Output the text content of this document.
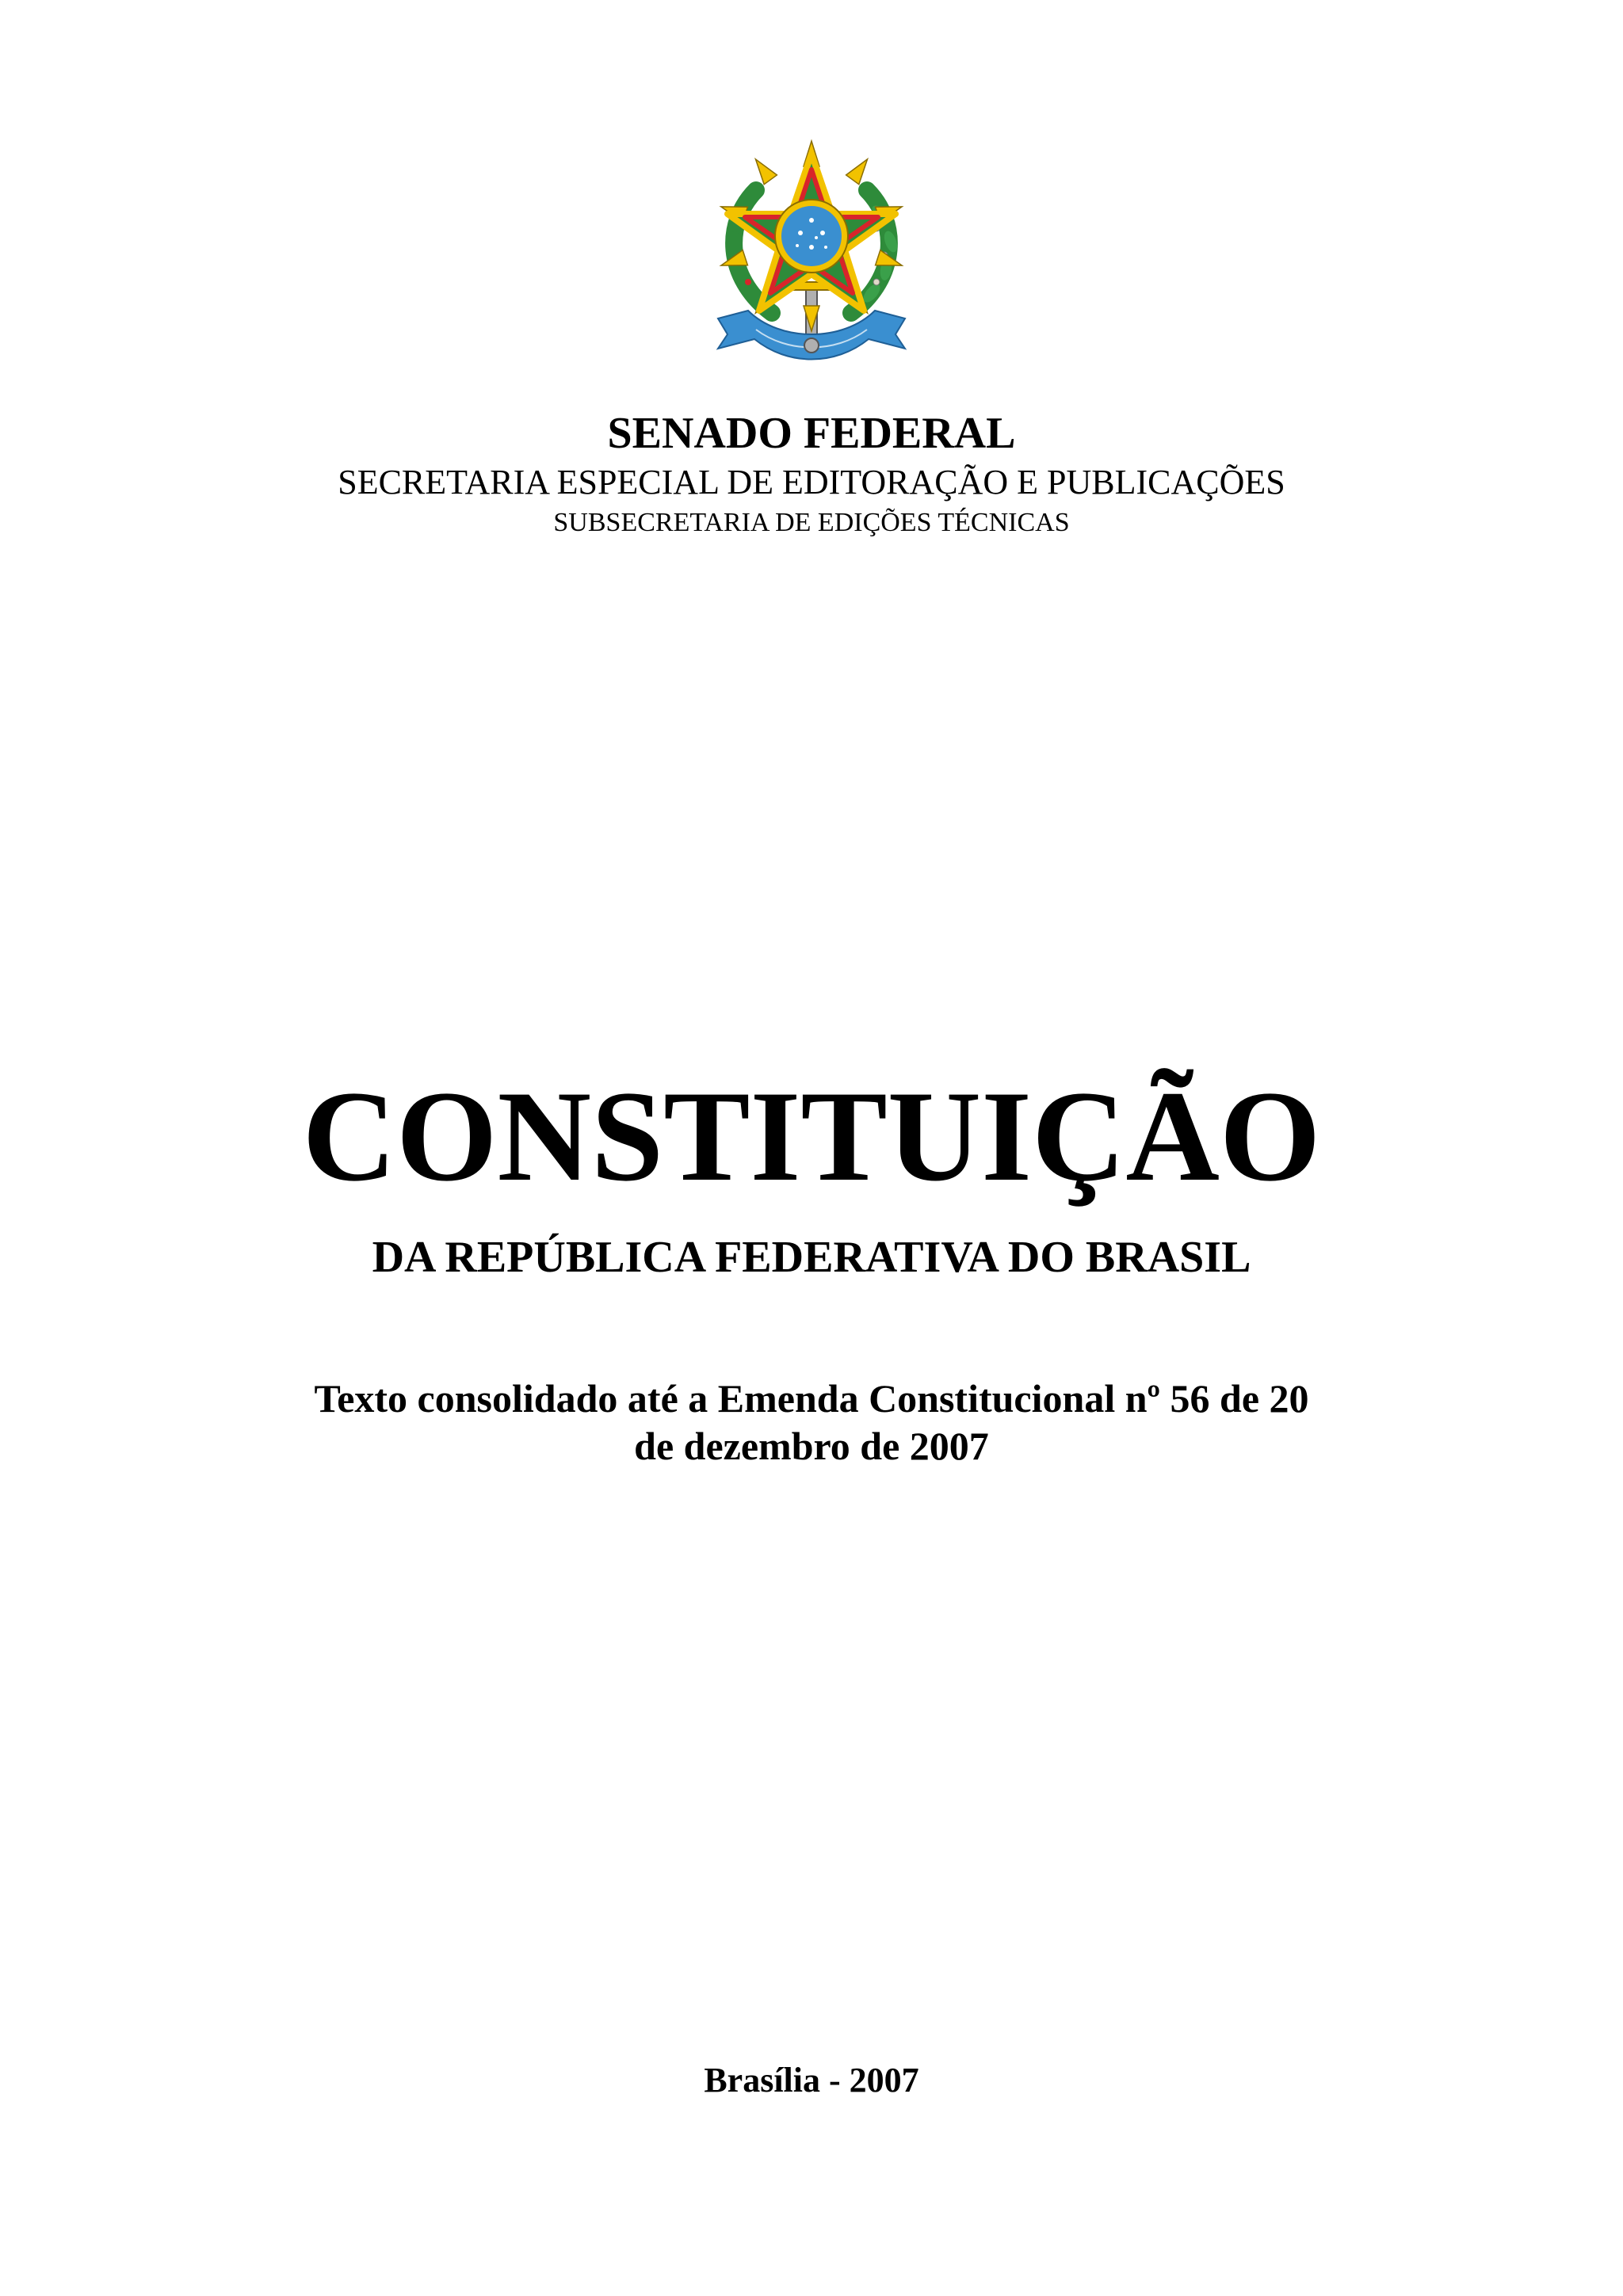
SENADO FEDERAL
SECRETARIA ESPECIAL DE EDITORAÇÃO E PUBLICAÇÕES
SUBSECRETARIA DE EDIÇÕES TÉCNICAS
CONSTITUIÇÃO
DA REPÚBLICA FEDERATIVA DO BRASIL
Texto consolidado até a Emenda Constitucional nº 56 de 20
de dezembro de 2007
Brasília - 2007
